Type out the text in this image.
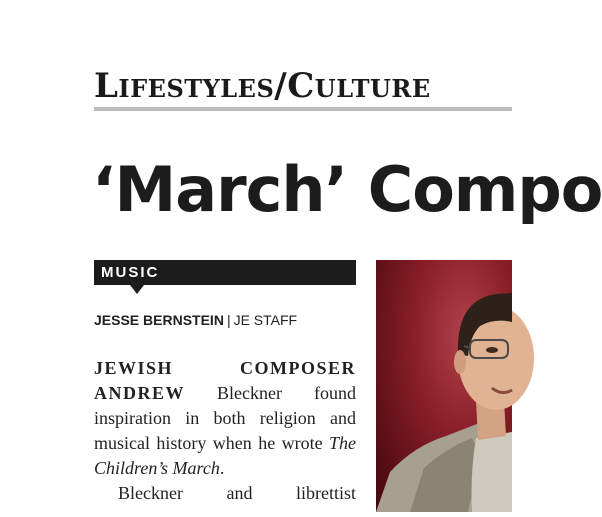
Lifestyles/Culture
‘March’ Compo
MUSIC
JESSE BERNSTEIN | JE STAFF

JEWISH COMPOSER ANDREW Bleckner found inspiration in both religion and musical history when he wrote The Children’s March.

Bleckner and librettist
